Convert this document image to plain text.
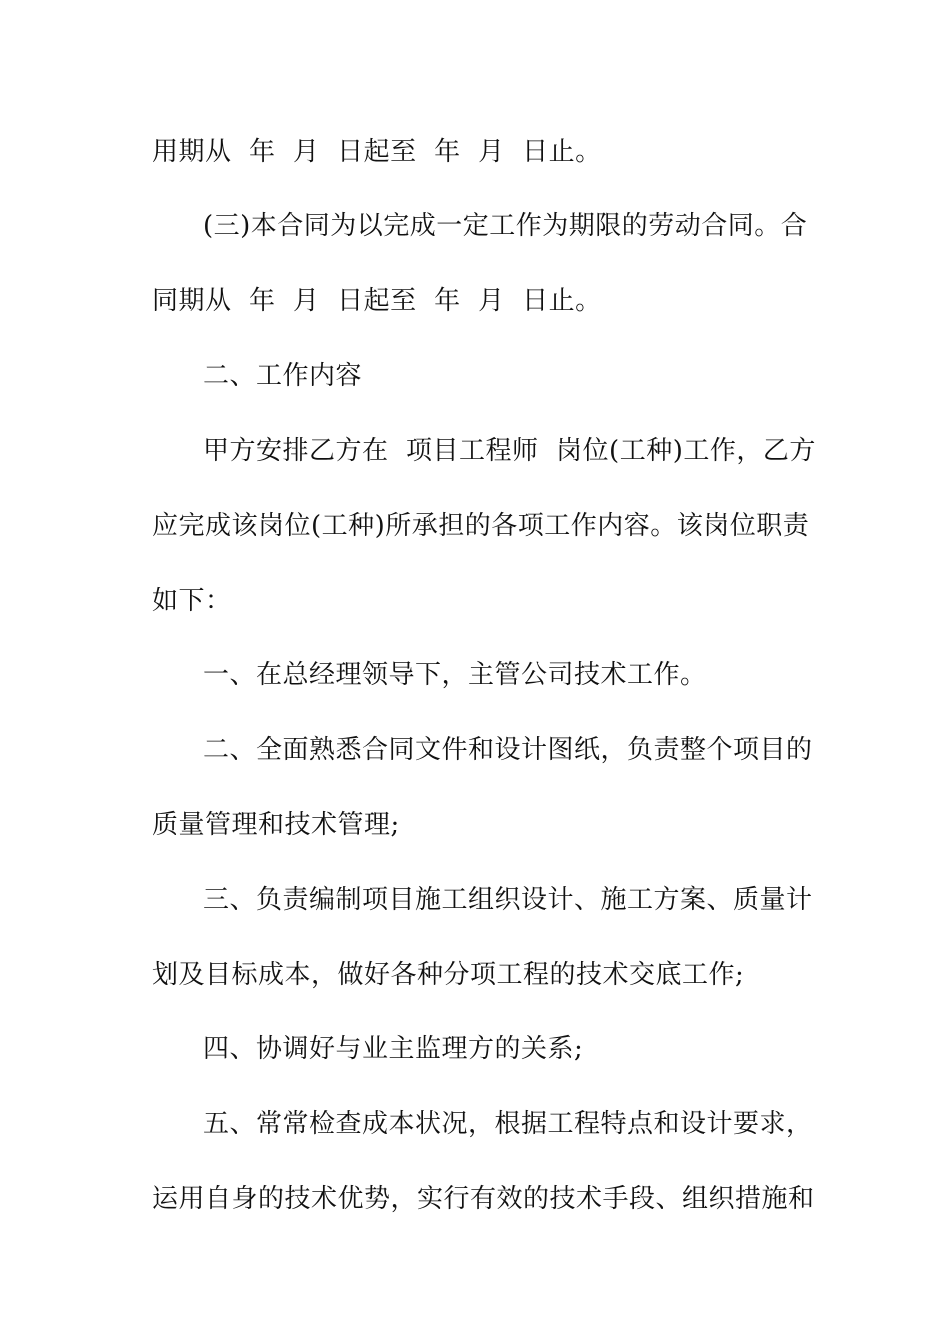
用期从  年  月  日起至  年  月  日止。
(三)本合同为以完成一定工作为期限的劳动合同。合
同期从  年  月  日起至  年  月  日止。
二、工作内容
甲方安排乙方在  项目工程师  岗位(工种)工作，乙方
应完成该岗位(工种)所承担的各项工作内容。该岗位职责
如下：
一、在总经理领导下，主管公司技术工作。
二、全面熟悉合同文件和设计图纸，负责整个项目的
质量管理和技术管理;
三、负责编制项目施工组织设计、施工方案、质量计
划及目标成本，做好各种分项工程的技术交底工作;
四、协调好与业主监理方的关系;
五、常常检查成本状况，根据工程特点和设计要求，
运用自身的技术优势，实行有效的技术手段、组织措施和
